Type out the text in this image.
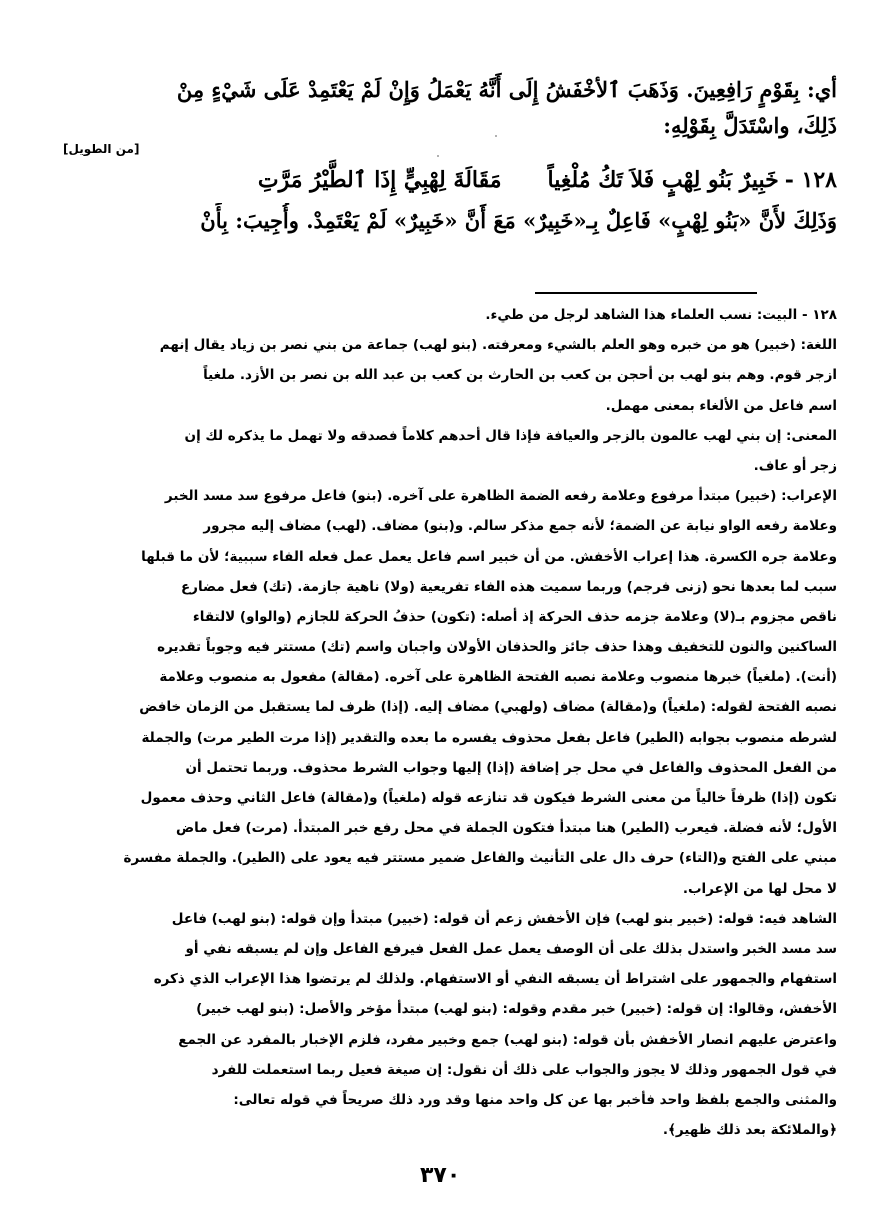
أي: بِقَوْمٍ رَافِعِينَ. وَذَهَبَ ٱلأخْفَشُ إِلَى أَنَّهُ يَعْمَلُ وَإِنْ لَمْ يَعْتَمِدْ عَلَى شَيْءٍ مِنْ
ذَلِكَ، واسْتَدَلَّ بِقَوْلِهِ:
[من الطويل]
١٢٨ -
خَبِيرٌ بَنُو لِهْبٍ فَلاَ تَكُ مُلْغِياً
مَقَالَةَ لِهْبِيٍّ إِذَا ٱلطَّيْرُ مَرَّتِ
وَذَلِكَ لأَنَّ «بَنُو لِهْبٍ» فَاعِلٌ بِـ«خَبِيرٌ» مَعَ أَنَّ «خَبِيرٌ» لَمْ يَعْتَمِدْ. وأُجِيبَ: بِأَنْ
١٢٨ - البيت: نسب العلماء هذا الشاهد لرجل من طيء.
اللغة: (خبير) هو من خبره وهو العلم بالشيء ومعرفته. (بنو لهب) جماعة من بني نصر بن زياد يقال إنهم
ازجر قوم. وهم بنو لهب بن أحجن بن كعب بن الحارث بن كعب بن عبد الله بن نصر بن الأزد. ملغياً
اسم فاعل من الألغاء بمعنى مهمل.
المعنى: إن بني لهب عالمون بالزجر والعيافة فإذا قال أحدهم كلاماً فصدقه ولا تهمل ما يذكره لك إن
زجر أو عاف.
الإعراب: (خبير) مبتدأ مرفوع وعلامة رفعه الضمة الظاهرة على آخره. (بنو) فاعل مرفوع سد مسد الخبر
وعلامة رفعه الواو نيابة عن الضمة؛ لأنه جمع مذكر سالم. و(بنو) مضاف. (لهب) مضاف إليه مجرور
وعلامة جره الكسرة. هذا إعراب الأخفش. من أن خبير اسم فاعل يعمل عمل فعله الفاء سببية؛ لأن ما قبلها
سبب لما بعدها نحو (زنى فرجم) وربما سميت هذه الفاء تفريعية (ولا) ناهية جازمة. (تك) فعل مضارع
ناقص مجزوم بـ(لا) وعلامة جزمه حذف الحركة إذ أصله: (تكون) حذفُ الحركة للجازم (والواو) لالتقاء
الساكنين والنون للتخفيف وهذا حذف جائز والحذفان الأولان واجبان واسم (تك) مستتر فيه وجوباً تقديره
(أنت). (ملغياً) خبرها منصوب وعلامة نصبه الفتحة الظاهرة على آخره. (مقالة) مفعول به منصوب وعلامة
نصبه الفتحة لقوله: (ملغياً) و(مقالة) مضاف (ولهبي) مضاف إليه. (إذا) ظرف لما يستقبل من الزمان خافض
لشرطه منصوب بجوابه (الطير) فاعل بفعل محذوف يفسره ما بعده والتقدير (إذا مرت الطير مرت) والجملة
من الفعل المحذوف والفاعل في محل جر إضافة (إذا) إليها وجواب الشرط محذوف. وربما تحتمل أن
تكون (إذا) ظرفاً خالياً من معنى الشرط فيكون قد تنازعه قوله (ملغياً) و(مقالة) فاعل الثاني وحذف معمول
الأول؛ لأنه فضلة. فيعرب (الطير) هنا مبتدأ فتكون الجملة في محل رفع خبر المبتدأ. (مرت) فعل ماض
مبني على الفتح و(التاء) حرف دال على التأنيث والفاعل ضمير مستتر فيه يعود على (الطير). والجملة مفسرة
لا محل لها من الإعراب.
الشاهد فيه: قوله: (خبير بنو لهب) فإن الأخفش زعم أن قوله: (خبير) مبتدأ وإن قوله: (بنو لهب) فاعل
سد مسد الخبر واستدل بذلك على أن الوصف يعمل عمل الفعل فيرفع الفاعل وإن لم يسبقه نفي أو
استفهام والجمهور على اشتراط أن يسبقه النفي أو الاستفهام. ولذلك لم يرتضوا هذا الإعراب الذي ذكره
الأخفش، وقالوا: إن قوله: (خبير) خبر مقدم وقوله: (بنو لهب) مبتدأ مؤخر والأصل: (بنو لهب خبير)
واعترض عليهم انصار الأخفش بأن قوله: (بنو لهب) جمع وخبير مفرد، فلزم الإخبار بالمفرد عن الجمع
في قول الجمهور وذلك لا يجوز والجواب على ذلك أن نقول: إن صيغة فعيل ربما استعملت للفرد
والمثنى والجمع بلفظ واحد فأخبر بها عن كل واحد منها وقد ورد ذلك صريحاً في قوله تعالى:
﴿والملائكة بعد ذلك ظهير﴾.
٣٧٠
